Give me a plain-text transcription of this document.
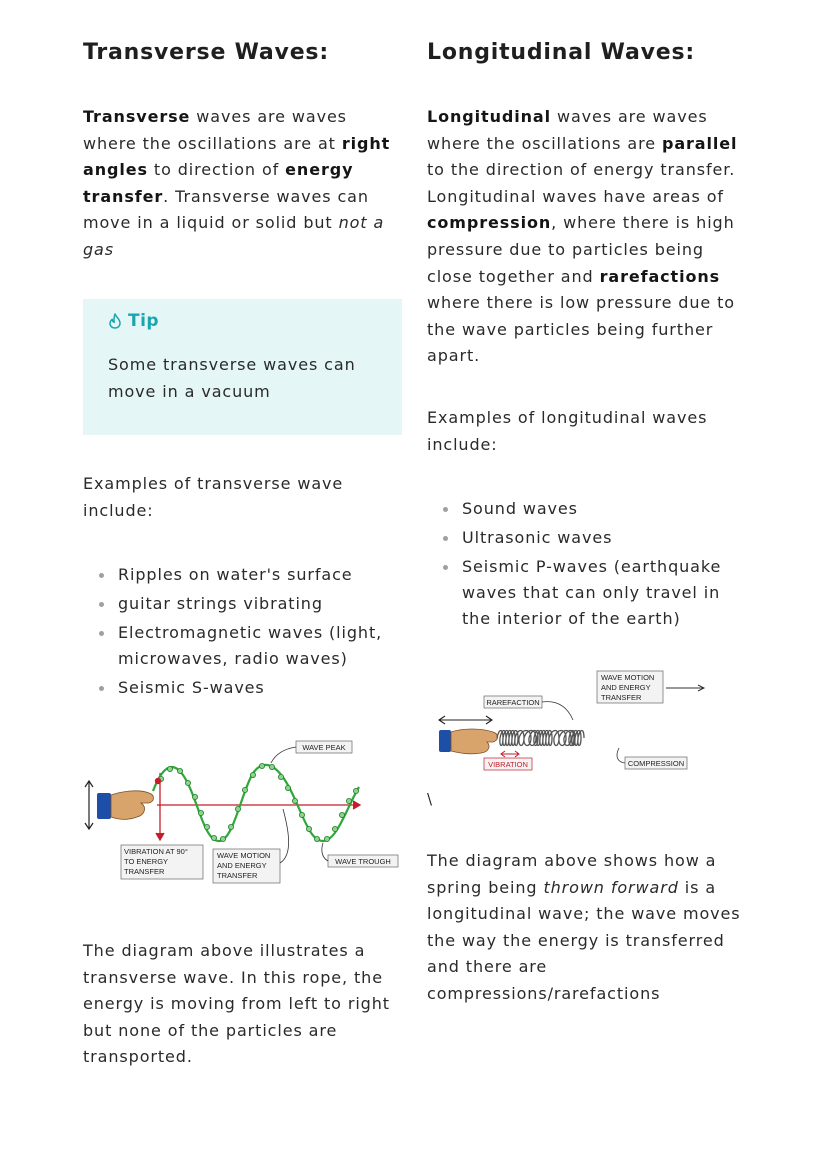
Transverse Waves:

Transverse waves are waves where the oscillations are at right angles to direction of energy transfer. Transverse waves can move in a liquid or solid but not a gas

Tip
Some transverse waves can move in a vacuum

Examples of transverse wave include:

Ripples on water's surface
guitar strings vibrating
Electromagnetic waves (light, microwaves, radio waves)
Seismic S-waves

The diagram above illustrates a transverse wave. In this rope, the energy is moving from left to right but none of the particles are transported.

WAVE PEAK
VIBRATION AT 90°
TO ENERGY
TRANSFER
WAVE MOTION
AND ENERGY
TRANSFER
WAVE TROUGH
Longitudinal Waves:

Longitudinal waves are waves where the oscillations are parallel to the direction of energy transfer. Longitudinal waves have areas of compression, where there is high pressure due to particles being close together and rarefactions where there is low pressure due to the wave particles being further apart.

Examples of longitudinal waves include:

Sound waves
Ultrasonic waves
Seismic P-waves (earthquake waves that can only travel in the interior of the earth)

\

The diagram above shows how a spring being thrown forward is a longitudinal wave; the wave moves the way the energy is transferred and there are compressions/rarefactions

WAVE MOTION
AND ENERGY
TRANSFER
RAREFACTION
VIBRATION	COMPRESSION
